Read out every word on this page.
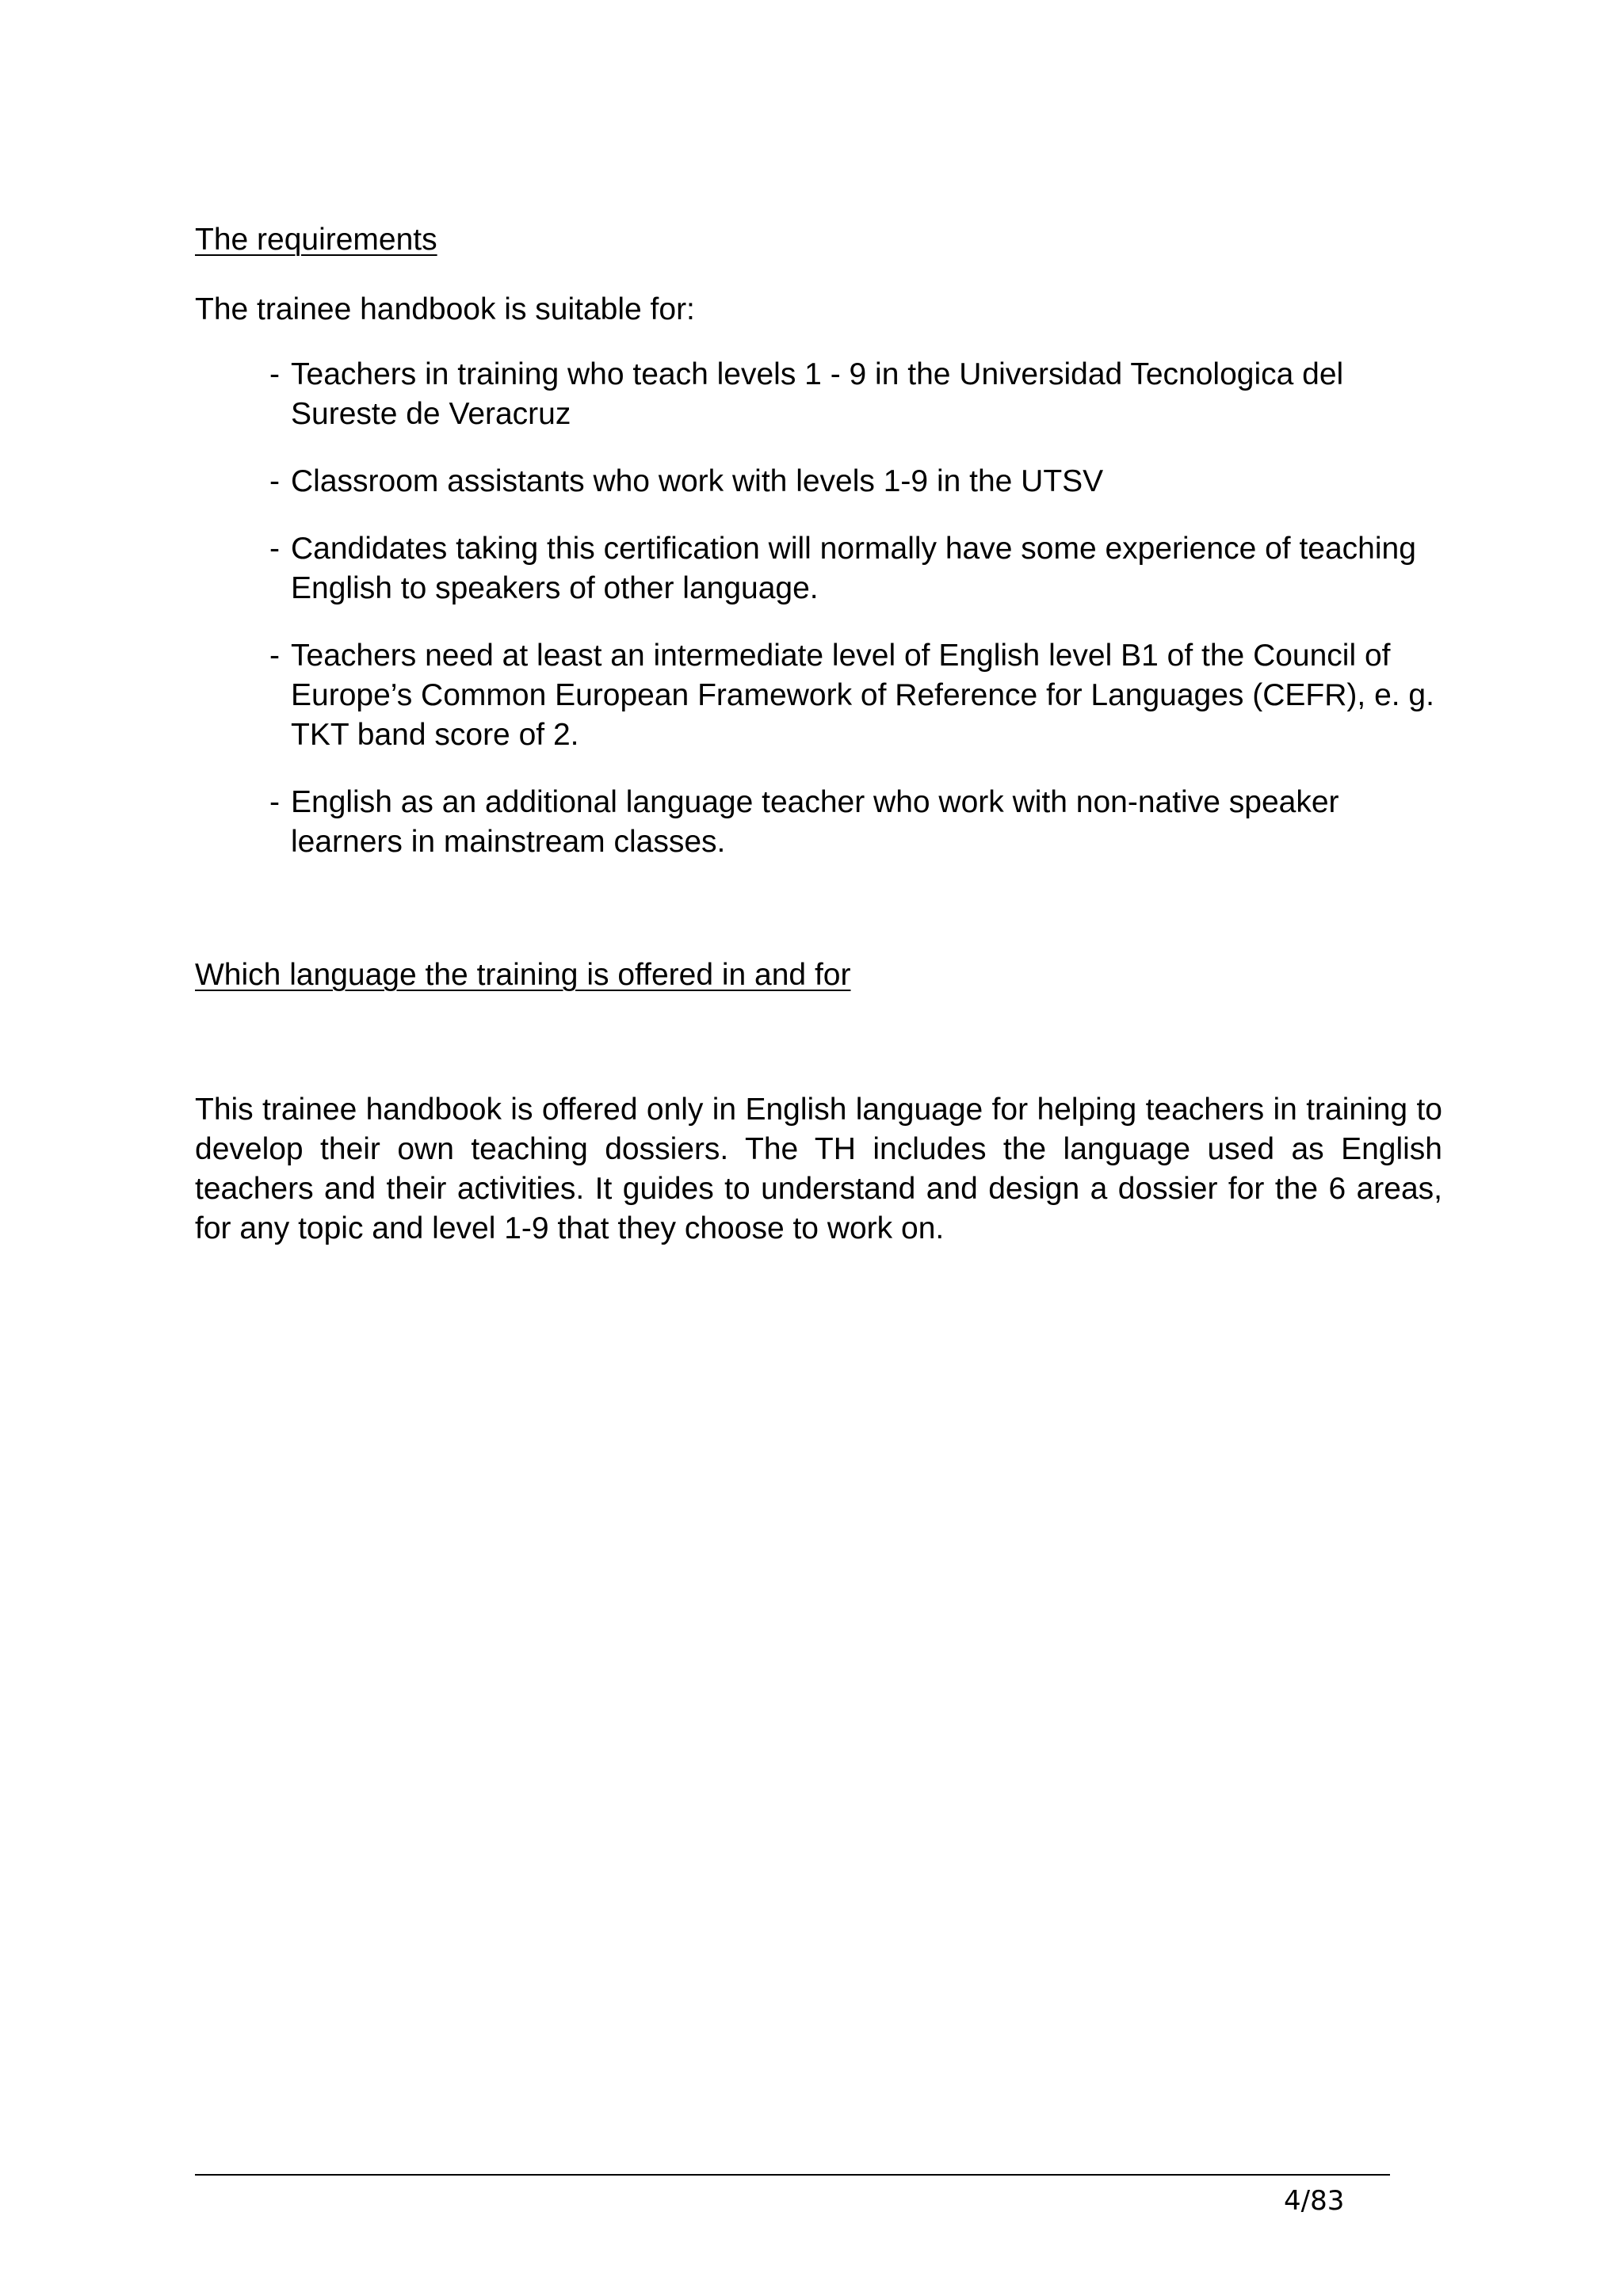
The requirements

The trainee handbook is suitable for:

- Teachers in training who teach levels 1 - 9 in the Universidad Tecnologica del Sureste de Veracruz
- Classroom assistants who work with levels 1-9 in the UTSV
- Candidates taking this certification will normally have some experience of teaching English to speakers of other language.
- Teachers need at least an intermediate level of English level B1 of the Council of Europe’s Common European Framework of Reference for Languages (CEFR), e. g. TKT band score of 2.
- English as an additional language teacher who work with non-native speaker learners in mainstream classes.

Which language the training is offered in and for

This trainee handbook is offered only in English language for helping teachers in training to develop their own teaching dossiers. The TH includes the language used as English teachers and their activities. It guides to understand and design a dossier for the 6 areas, for any topic and level 1-9 that they choose to work on.

4/83
